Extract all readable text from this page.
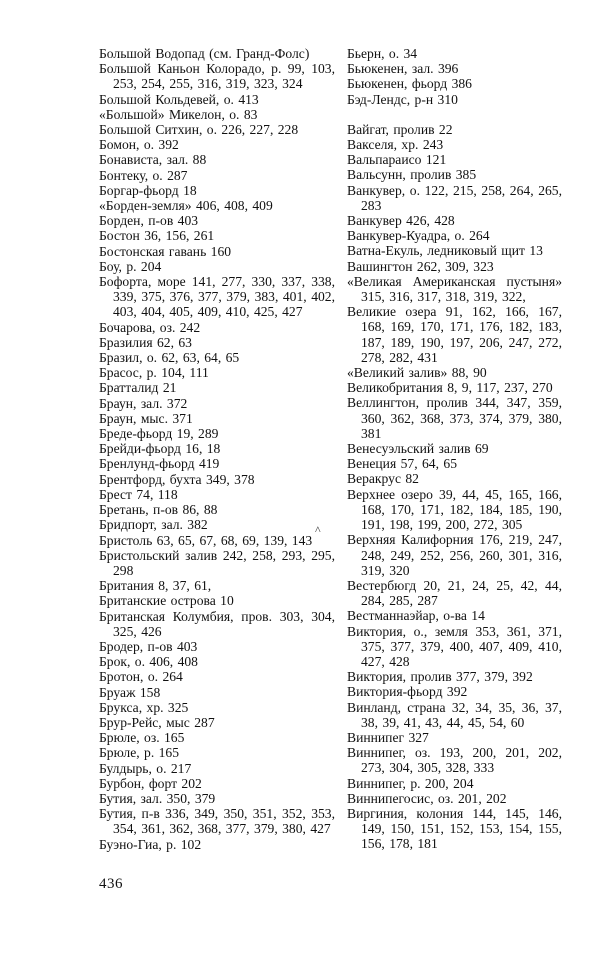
Большой Водопад (см. Гранд-Фолс)
Большой Каньон Колорадо, р. 99, 103, 253, 254, 255, 316, 319, 323, 324
Большой Кольдевей, о. 413
«Большой» Микелон, о. 83
Большой Ситхин, о. 226, 227, 228
Бомон, о. 392
Бонависта, зал. 88
Бонтеку, о. 287
Боргар-фьорд 18
«Борден-земля» 406, 408, 409
Борден, п-ов 403
Бостон 36, 156, 261
Бостонская гавань 160
Боу, р. 204
Бофорта, море 141, 277, 330, 337, 338, 339, 375, 376, 377, 379, 383, 401, 402, 403, 404, 405, 409, 410, 425, 427
Бочарова, оз. 242
Бразилия 62, 63
Бразил, о. 62, 63, 64, 65
Брасос, р. 104, 111
Братталид 21
Браун, зал. 372
Браун, мыс. 371
Бреде-фьорд 19, 289
Брейди-фьорд 16, 18
Бренлунд-фьорд 419
Брентфорд, бухта 349, 378
Брест 74, 118
Бретань, п-ов 86, 88
Бридпорт, зал. 382
Бристоль 63, 65, 67, 68, 69, 139, 143
Бристольский залив 242, 258, 293, 295, 298
Британия 8, 37, 61,
Британские острова 10
Британская Колумбия, пров. 303, 304, 325, 426
Бродер, п-ов 403
Брок, о. 406, 408
Бротон, о. 264
Бруаж 158
Брукса, хр. 325
Брур-Рейс, мыс 287
Брюле, оз. 165
Брюле, р. 165
Булдырь, о. 217
Бурбон, форт 202
Бутия, зал. 350, 379
Бутия, п-в 336, 349, 350, 351, 352, 353, 354, 361, 362, 368, 377, 379, 380, 427
Буэно-Гиа, р. 102
Бьерн, о. 34
Бьюкенен, зал. 396
Бьюкенен, фьорд 386
Бэд-Лендс, р-н 310
Вайгат, пролив 22
Вакселя, хр. 243
Вальпараисо 121
Вальсунн, пролив 385
Ванкувер, о. 122, 215, 258, 264, 265, 283
Ванкувер 426, 428
Ванкувер-Куадра, о. 264
Ватна-Екуль, ледниковый щит 13
Вашингтон 262, 309, 323
«Великая Американская пустыня» 315, 316, 317, 318, 319, 322,
Великие озера 91, 162, 166, 167, 168, 169, 170, 171, 176, 182, 183, 187, 189, 190, 197, 206, 247, 272, 278, 282, 431
«Великий залив» 88, 90
Великобритания 8, 9, 117, 237, 270
Веллингтон, пролив 344, 347, 359, 360, 362, 368, 373, 374, 379, 380, 381
Венесуэльский залив 69
Венеция 57, 64, 65
Веракрус 82
Верхнее озеро 39, 44, 45, 165, 166, 168, 170, 171, 182, 184, 185, 190, 191, 198, 199, 200, 272, 305
Верхняя Калифорния 176, 219, 247, 248, 249, 252, 256, 260, 301, 316, 319, 320
Вестербюгд 20, 21, 24, 25, 42, 44, 284, 285, 287
Вестманнаэйар, о-ва 14
Виктория, о., земля 353, 361, 371, 375, 377, 379, 400, 407, 409, 410, 427, 428
Виктория, пролив 377, 379, 392
Виктория-фьорд 392
Винланд, страна 32, 34, 35, 36, 37, 38, 39, 41, 43, 44, 45, 54, 60
Виннипег 327
Виннипег, оз. 193, 200, 201, 202, 273, 304, 305, 328, 333
Виннипег, р. 200, 204
Виннипегосис, оз. 201, 202
Виргиния, колония 144, 145, 146, 149, 150, 151, 152, 153, 154, 155, 156, 178, 181
^
436
